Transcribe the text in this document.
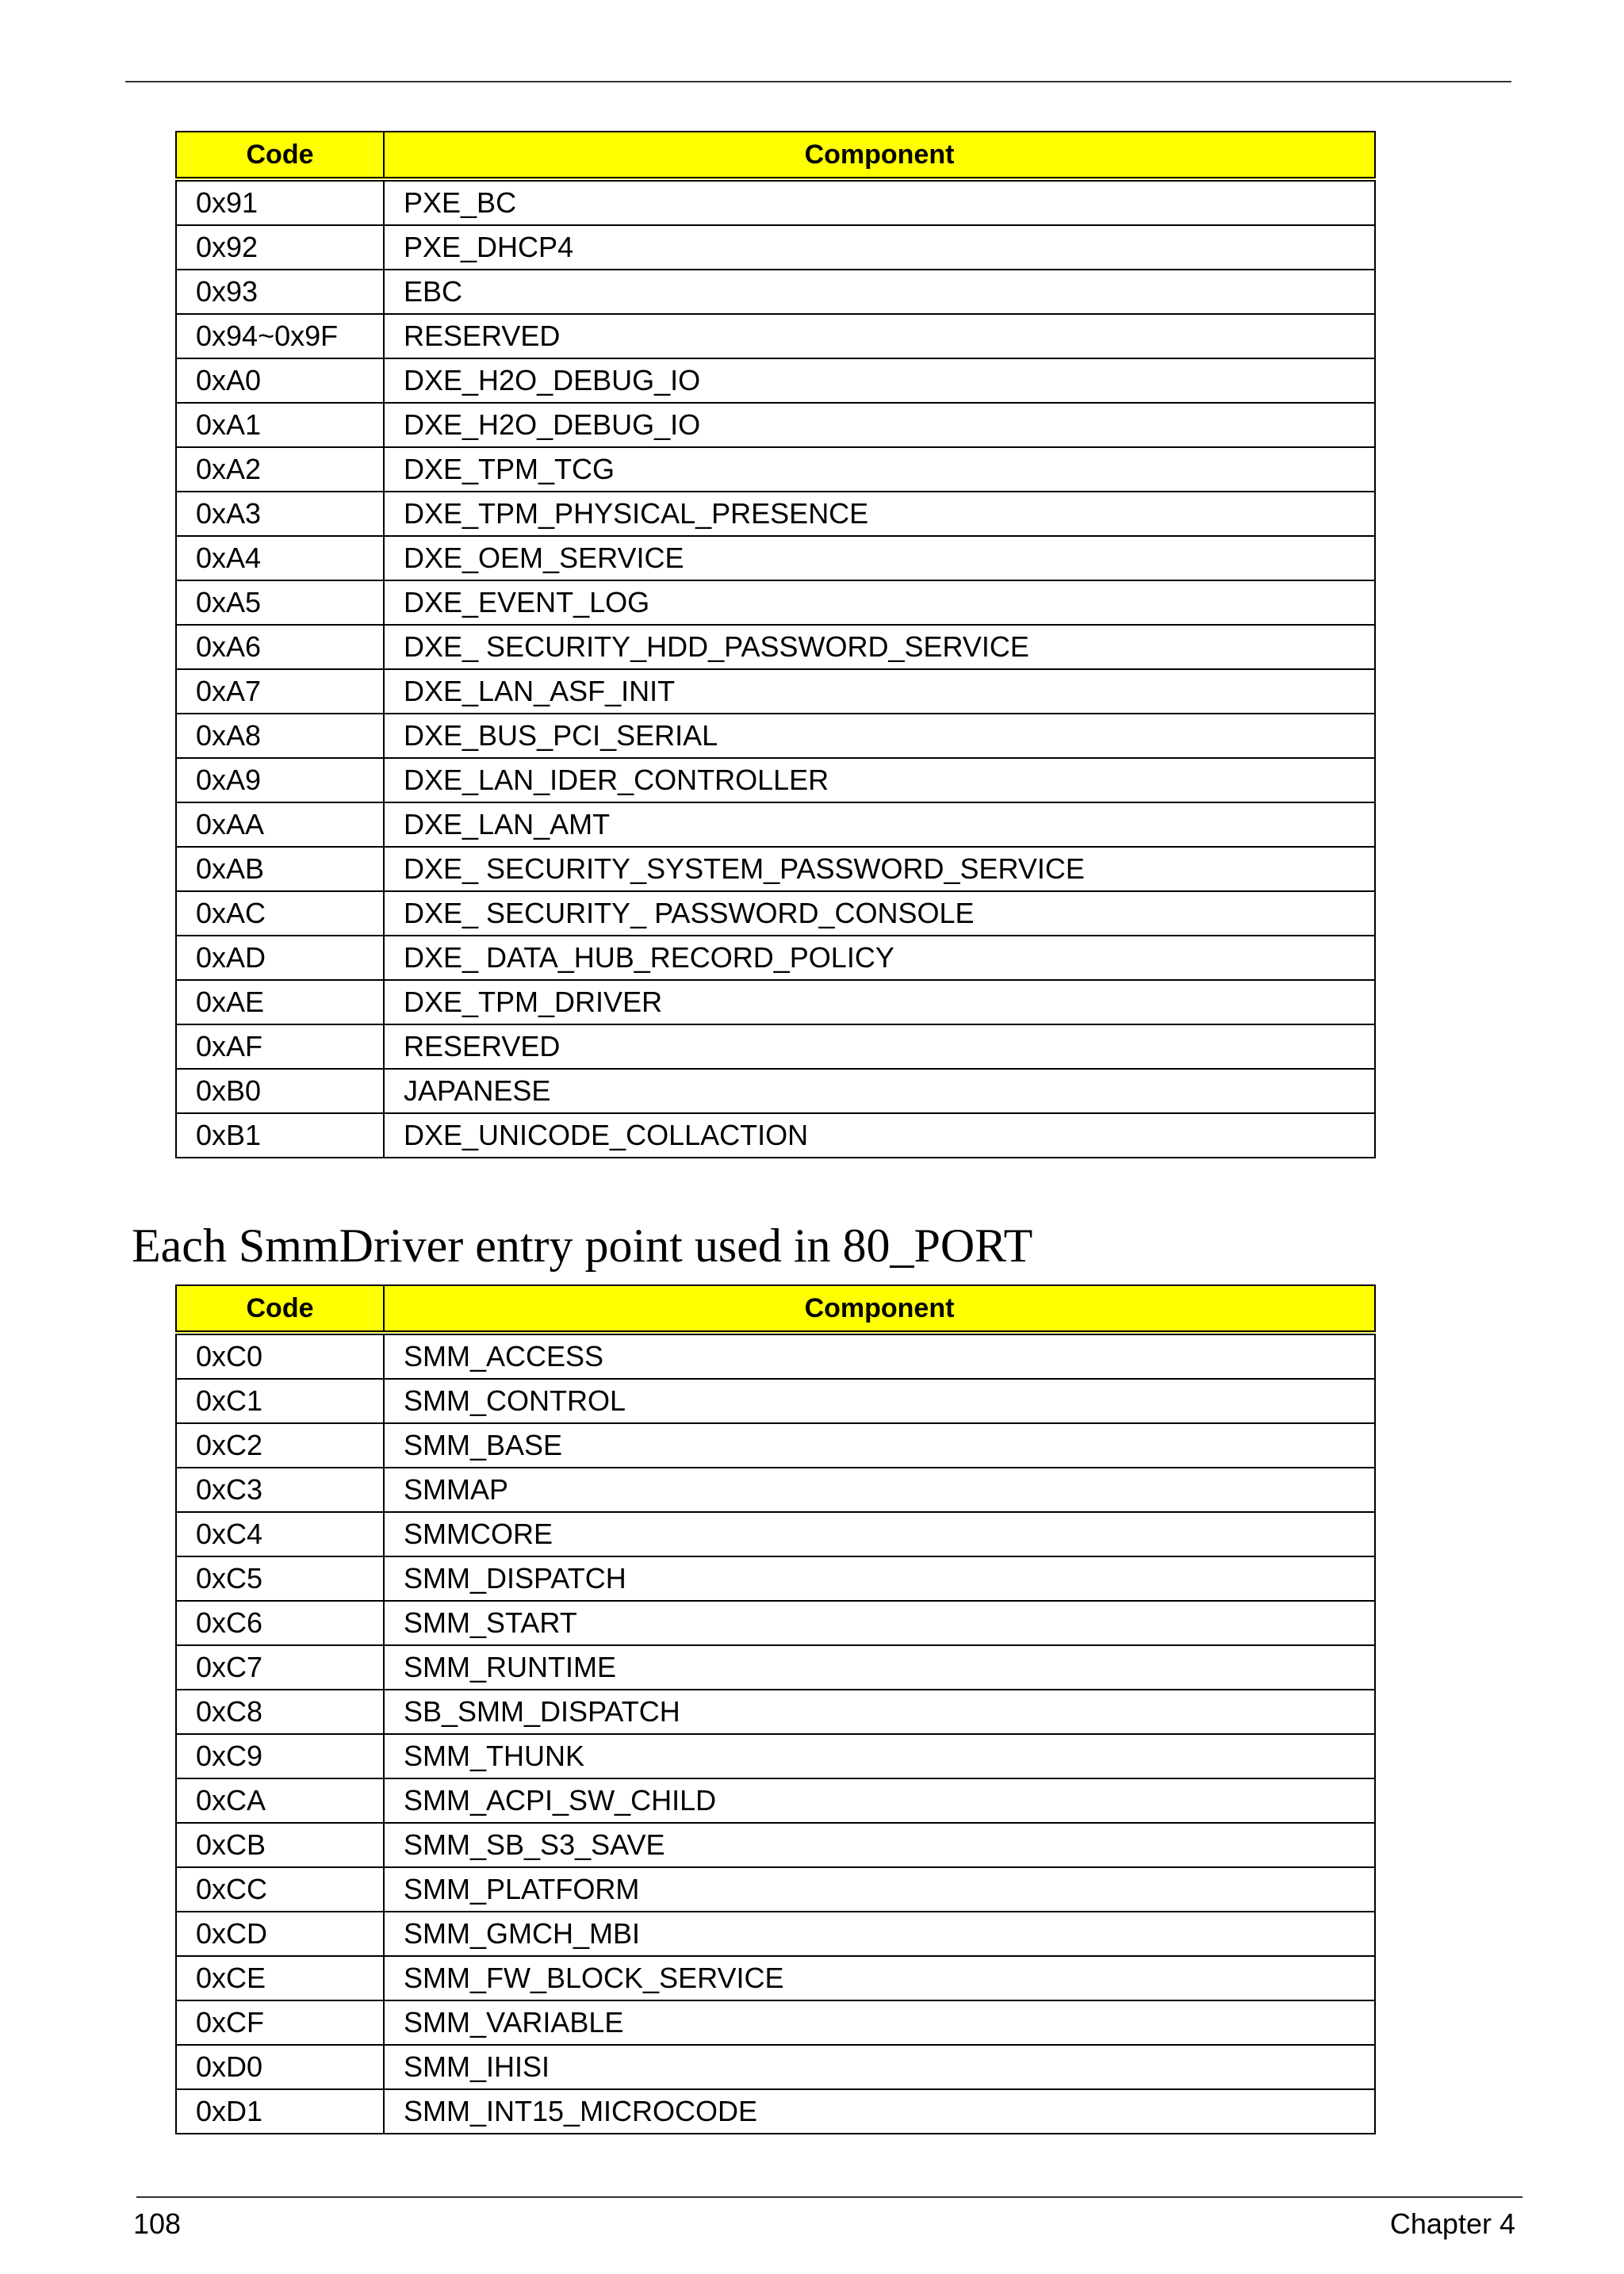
Code	Component
0x91	PXE_BC
0x92	PXE_DHCP4
0x93	EBC
0x94~0x9F	RESERVED
0xA0	DXE_H2O_DEBUG_IO
0xA1	DXE_H2O_DEBUG_IO
0xA2	DXE_TPM_TCG
0xA3	DXE_TPM_PHYSICAL_PRESENCE
0xA4	DXE_OEM_SERVICE
0xA5	DXE_EVENT_LOG
0xA6	DXE_ SECURITY_HDD_PASSWORD_SERVICE
0xA7	DXE_LAN_ASF_INIT
0xA8	DXE_BUS_PCI_SERIAL
0xA9	DXE_LAN_IDER_CONTROLLER
0xAA	DXE_LAN_AMT
0xAB	DXE_ SECURITY_SYSTEM_PASSWORD_SERVICE
0xAC	DXE_ SECURITY_ PASSWORD_CONSOLE
0xAD	DXE_ DATA_HUB_RECORD_POLICY
0xAE	DXE_TPM_DRIVER
0xAF	RESERVED
0xB0	JAPANESE
0xB1	DXE_UNICODE_COLLACTION
Each SmmDriver entry point used in 80_PORT
Code	Component
0xC0	SMM_ACCESS
0xC1	SMM_CONTROL
0xC2	SMM_BASE
0xC3	SMMAP
0xC4	SMMCORE
0xC5	SMM_DISPATCH
0xC6	SMM_START
0xC7	SMM_RUNTIME
0xC8	SB_SMM_DISPATCH
0xC9	SMM_THUNK
0xCA	SMM_ACPI_SW_CHILD
0xCB	SMM_SB_S3_SAVE
0xCC	SMM_PLATFORM
0xCD	SMM_GMCH_MBI
0xCE	SMM_FW_BLOCK_SERVICE
0xCF	SMM_VARIABLE
0xD0	SMM_IHISI
0xD1	SMM_INT15_MICROCODE
108	Chapter 4
